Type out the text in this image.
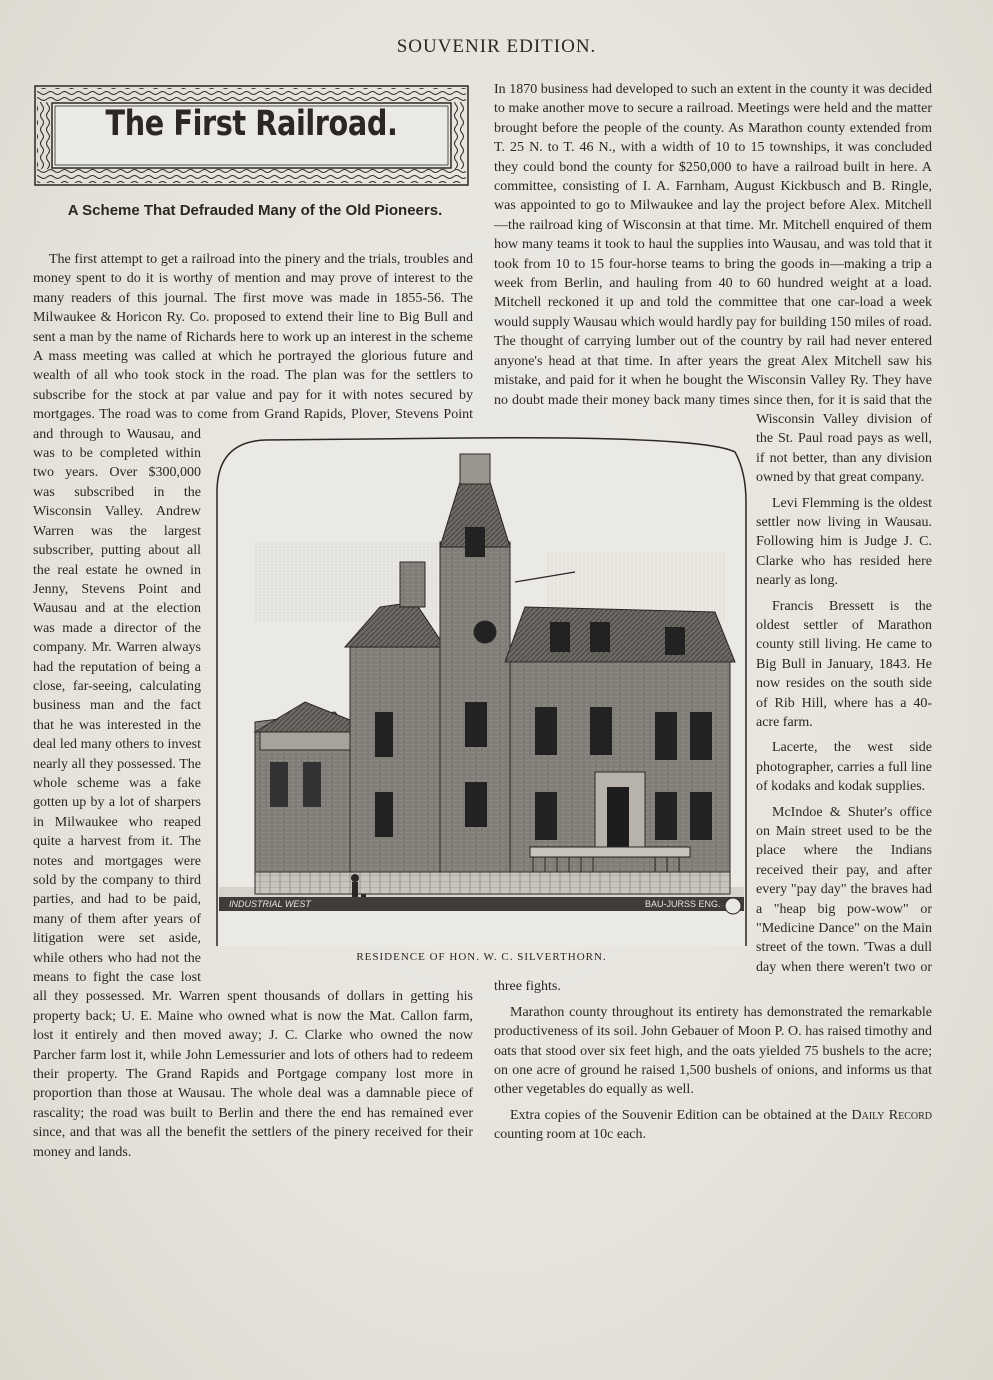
SOUVENIR EDITION.
The First Railroad.
A Scheme That Defrauded Many of the Old Pioneers.

The first attempt to get a railroad into the pinery and the trials, troubles and money spent to do it is worthy of mention and may prove of interest to the many readers of this journal. The first move was made in 1855-56. The Milwaukee & Horicon Ry. Co. proposed to extend their line to Big Bull and sent a man by the name of Richards here to work up an interest in the scheme A mass meeting was called at which he portrayed the glorious future and wealth of all who took stock in the road. The plan was for the settlers to subscribe for the stock at par value and pay for it with notes secured by mortgages. The road was to come from Grand Rapids, Plover, Stevens Point and through to Wausau, and was to be completed within two years. Over $300,000 was subscribed in the Wisconsin Valley. Andrew Warren was the largest subscriber, putting about all the real estate he owned in Jenny, Stevens Point and Wausau and at the election was made a director of the company. Mr. Warren always had the reputation of being a close, far-seeing, calculating business man and the fact that he was interested in the deal led many others to invest nearly all they possessed. The whole scheme was a fake gotten up by a lot of sharpers in Milwaukee who reaped quite a harvest from it. The notes and mortgages were sold by the company to third parties, and had to be paid, many of them after years of litigation were set aside, while others who had not the means to fight the case lost all they possessed. Mr. Warren spent thousands of dollars in getting his property back; U. E. Maine who owned what is now the Mat. Callon farm, lost it entirely and then moved away; J. C. Clarke who owned the now Parcher farm lost it, while John Lemessurier and lots of others had to redeem their property. The Grand Rapids and Portgage company lost more in proportion than those at Wausau. The whole deal was a damnable piece of rascality; the road was built to Berlin and there the end has remained ever since, and that was all the benefit the settlers of the pinery received for their money and lands.

In 1870 business had developed to such an extent in the county it was decided to make another move to secure a railroad. Meetings were held and the matter brought before the people of the county. As Marathon county extended from T. 25 N. to T. 46 N., with a width of 10 to 15 townships, it was concluded they could bond the county for $250,000 to have a railroad built in here. A committee, consisting of I. A. Farnham, August Kickbusch and B. Ringle, was appointed to go to Milwaukee and lay the project before Alex. Mitchell—the railroad king of Wisconsin at that time. Mr. Mitchell enquired of them how many teams it took to haul the supplies into Wausau, and was told that it took from 10 to 15 four-horse teams to bring the goods in—making a trip a week from Berlin, and hauling from 40 to 60 hundred weight at a load. Mitchell reckoned it up and told the committee that one car-load a week would supply Wausau which would hardly pay for building 150 miles of road. The thought of carrying lumber out of the country by rail had never entered anyone's head at that time. In after years the great Alex Mitchell saw his mistake, and paid for it when he bought the Wisconsin Valley Ry. They have no doubt made their money back many times since then, for it is said that the Wisconsin Valley division of the St. Paul road pays as well, if not better, than any division owned by that great company.

Levi Flemming is the oldest settler now living in Wausau. Following him is Judge J. C. Clarke who has resided here nearly as long.

Francis Bressett is the oldest settler of Marathon county still living. He came to Big Bull in January, 1843. He now resides on the south side of Rib Hill, where has a 40-acre farm.

Lacerte, the west side photographer, carries a full line of kodaks and kodak supplies.

McIndoe & Shuter's office on Main street used to be the place where the Indians received their pay, and after every "pay day" the braves had a "heap big pow-wow" or "Medicine Dance" on the Main street of the town. 'Twas a dull day when there weren't two or three fights.

Marathon county throughout its entirety has demonstrated the remarkable productiveness of its soil. John Gebauer of Moon P. O. has raised timothy and oats that stood over six feet high, and the oats yielded 75 bushels to the acre; on one acre of ground he raised 1,500 bushels of onions, and informs us that other vegetables do equally as well.

Extra copies of the Souvenir Edition can be obtained at the Daily Record counting room at 10c each.

INDUSTRIAL WEST	BAU-JURSS ENG.
RESIDENCE OF HON. W. C. SILVERTHORN.
